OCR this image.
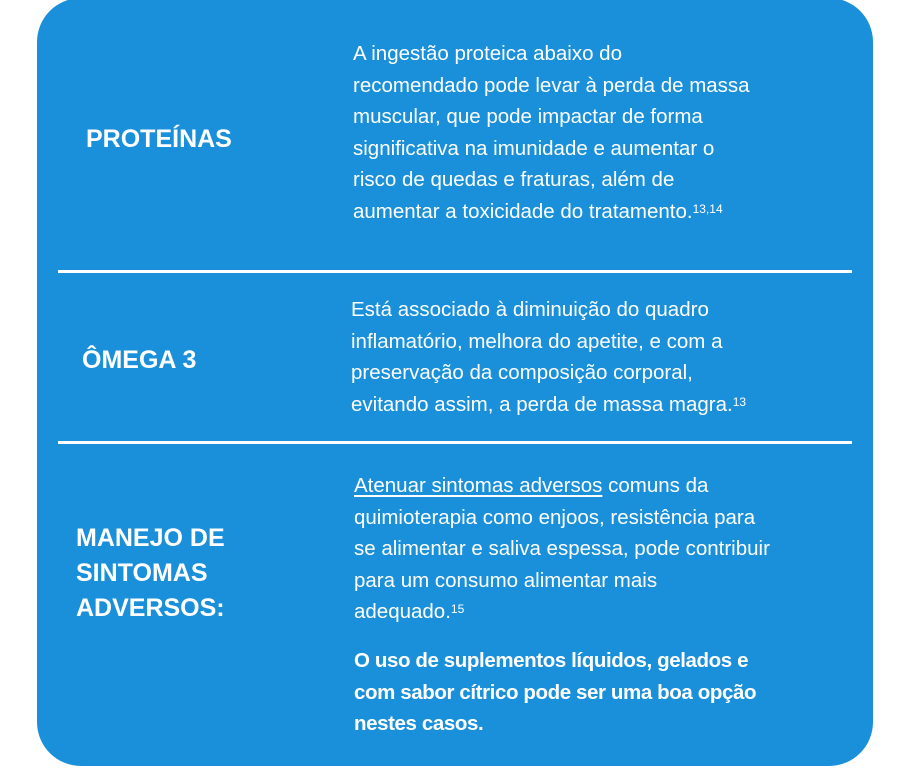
PROTEÍNAS
A ingestão proteica abaixo do
recomendado pode levar à perda de massa
muscular, que pode impactar de forma
significativa na imunidade e aumentar o
risco de quedas e fraturas, além de
aumentar a toxicidade do tratamento.$^{13,14}$
ÔMEGA 3
Está associado à diminuição do quadro
inflamatório, melhora do apetite, e com a
preservação da composição corporal,
evitando assim, a perda de massa magra.$^{13}$
MANEJO DE
SINTOMAS
ADVERSOS:
Atenuar sintomas adversos comuns da
quimioterapia como enjoos, resistência para
se alimentar e saliva espessa, pode contribuir
para um consumo alimentar mais
adequado.$^{15}$
O uso de suplementos líquidos, gelados e
com sabor cítrico pode ser uma boa opção
nestes casos.
